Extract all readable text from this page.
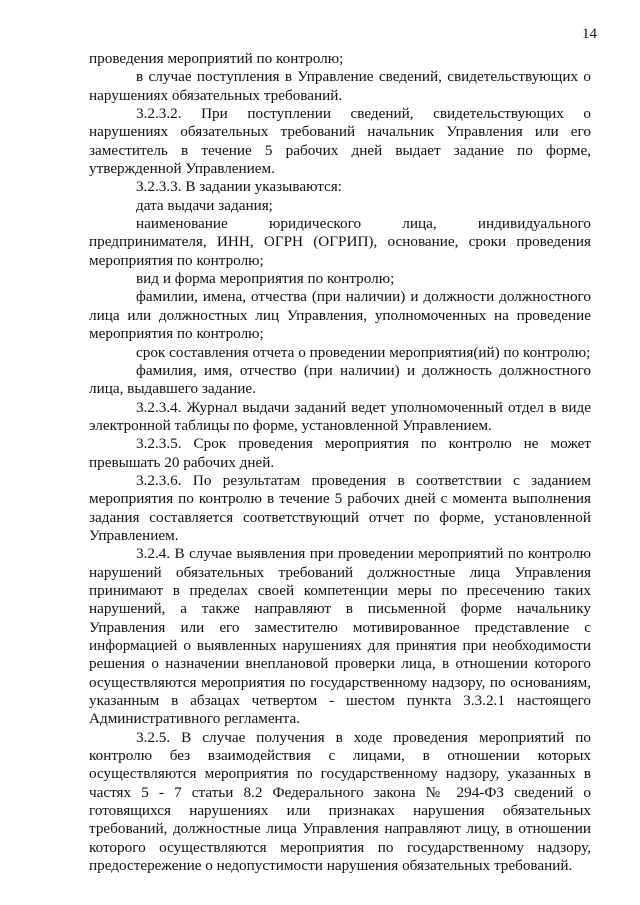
14

проведения мероприятий по контролю;

в случае поступления в Управление сведений, свидетельствующих о нарушениях обязательных требований.

3.2.3.2. При поступлении сведений, свидетельствующих о нарушениях обязательных требований начальник Управления или его заместитель в течение 5 рабочих дней выдает задание по форме, утвержденной Управлением.

3.2.3.3. В задании указываются:

дата выдачи задания;

наименование юридического лица, индивидуального предпринимателя, ИНН, ОГРН (ОГРИП), основание, сроки проведения мероприятия по контролю;

вид и форма мероприятия по контролю;

фамилии, имена, отчества (при наличии) и должности должностного лица или должностных лиц Управления, уполномоченных на проведение мероприятия по контролю;

срок составления отчета о проведении мероприятия(ий) по контролю;

фамилия, имя, отчество (при наличии) и должность должностного лица, выдавшего задание.

3.2.3.4. Журнал выдачи заданий ведет уполномоченный отдел в виде электронной таблицы по форме, установленной Управлением.

3.2.3.5. Срок проведения мероприятия по контролю не может превышать 20 рабочих дней.

3.2.3.6. По результатам проведения в соответствии с заданием мероприятия по контролю в течение 5 рабочих дней с момента выполнения задания составляется соответствующий отчет по форме, установленной Управлением.

3.2.4. В случае выявления при проведении мероприятий по контролю нарушений обязательных требований должностные лица Управления принимают в пределах своей компетенции меры по пресечению таких нарушений, а также направляют в письменной форме начальнику Управления или его заместителю мотивированное представление с информацией о выявленных нарушениях для принятия при необходимости решения о назначении внеплановой проверки лица, в отношении которого осуществляются мероприятия по государственному надзору, по основаниям, указанным в абзацах четвертом - шестом пункта 3.3.2.1 настоящего Административного регламента.

3.2.5. В случае получения в ходе проведения мероприятий по контролю без взаимодействия с лицами, в отношении которых осуществляются мероприятия по государственному надзору, указанных в частях 5 - 7 статьи 8.2 Федерального закона № 294-ФЗ сведений о готовящихся нарушениях или признаках нарушения обязательных требований, должностные лица Управления направляют лицу, в отношении которого осуществляются мероприятия по государственному надзору, предостережение о недопустимости нарушения обязательных требований.
